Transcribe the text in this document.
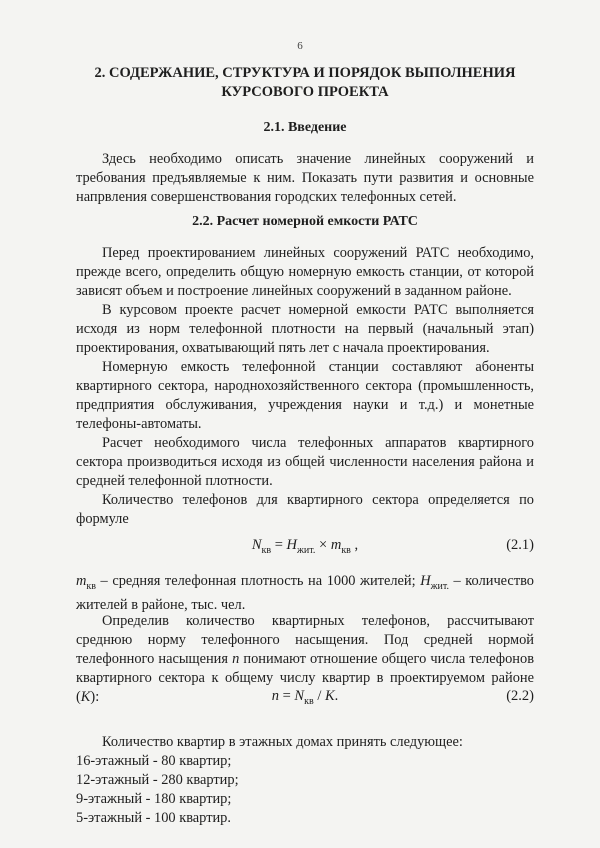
6
2. СОДЕРЖАНИЕ, СТРУКТУРА И ПОРЯДОК ВЫПОЛНЕНИЯ КУРСОВОГО ПРОЕКТА
2.1. Введение

Здесь необходимо описать значение линейных сооружений и требования предъявляемые к ним. Показать пути развития и основные напрвления совершенствования городских телефонных сетей.

2.2. Расчет номерной емкости РАТС

Перед проектированием линейных сооружений РАТС необходимо, прежде всего, определить общую номерную емкость станции, от которой зависят объем и построение линейных сооружений в заданном районе.

В курсовом проекте расчет номерной емкости РАТС выполняется исходя из норм телефонной плотности на первый (начальный этап) проектирования, охватывающий пять лет с начала проектирования.

Номерную емкость телефонной станции составляют абоненты квартирного сектора, народнохозяйственного сектора (промышленность, предприятия обслуживания, учреждения науки и т.д.) и монетные телефоны-автоматы.

Расчет необходимого числа телефонных аппаратов квартирного сектора производиться исходя из общей численности населения района и средней телефонной плотности.

Количество телефонов для квартирного сектора определяется по формуле

$N_{кв} = Н_{жит.} \times m_{кв}$ ,	(2.1)

$m_{кв}$ – средняя телефонная плотность на 1000 жителей; $Н_{жит.}$ – количество жителей в районе, тыс. чел.

Определив количество квартирных телефонов, рассчитывают среднюю норму телефонного насыщения. Под средней нормой телефонного насыщения n понимают отношение общего числа телефонов квартирного сектора к общему числу квартир в проектируемом районе (K):	$n = N_{кв} / K$.	(2.2)

Количество квартир в этажных домах принять следующее:

16-этажный - 80 квартир;
12-этажный - 280 квартир;
9-этажный - 180 квартир;
5-этажный - 100 квартир.
